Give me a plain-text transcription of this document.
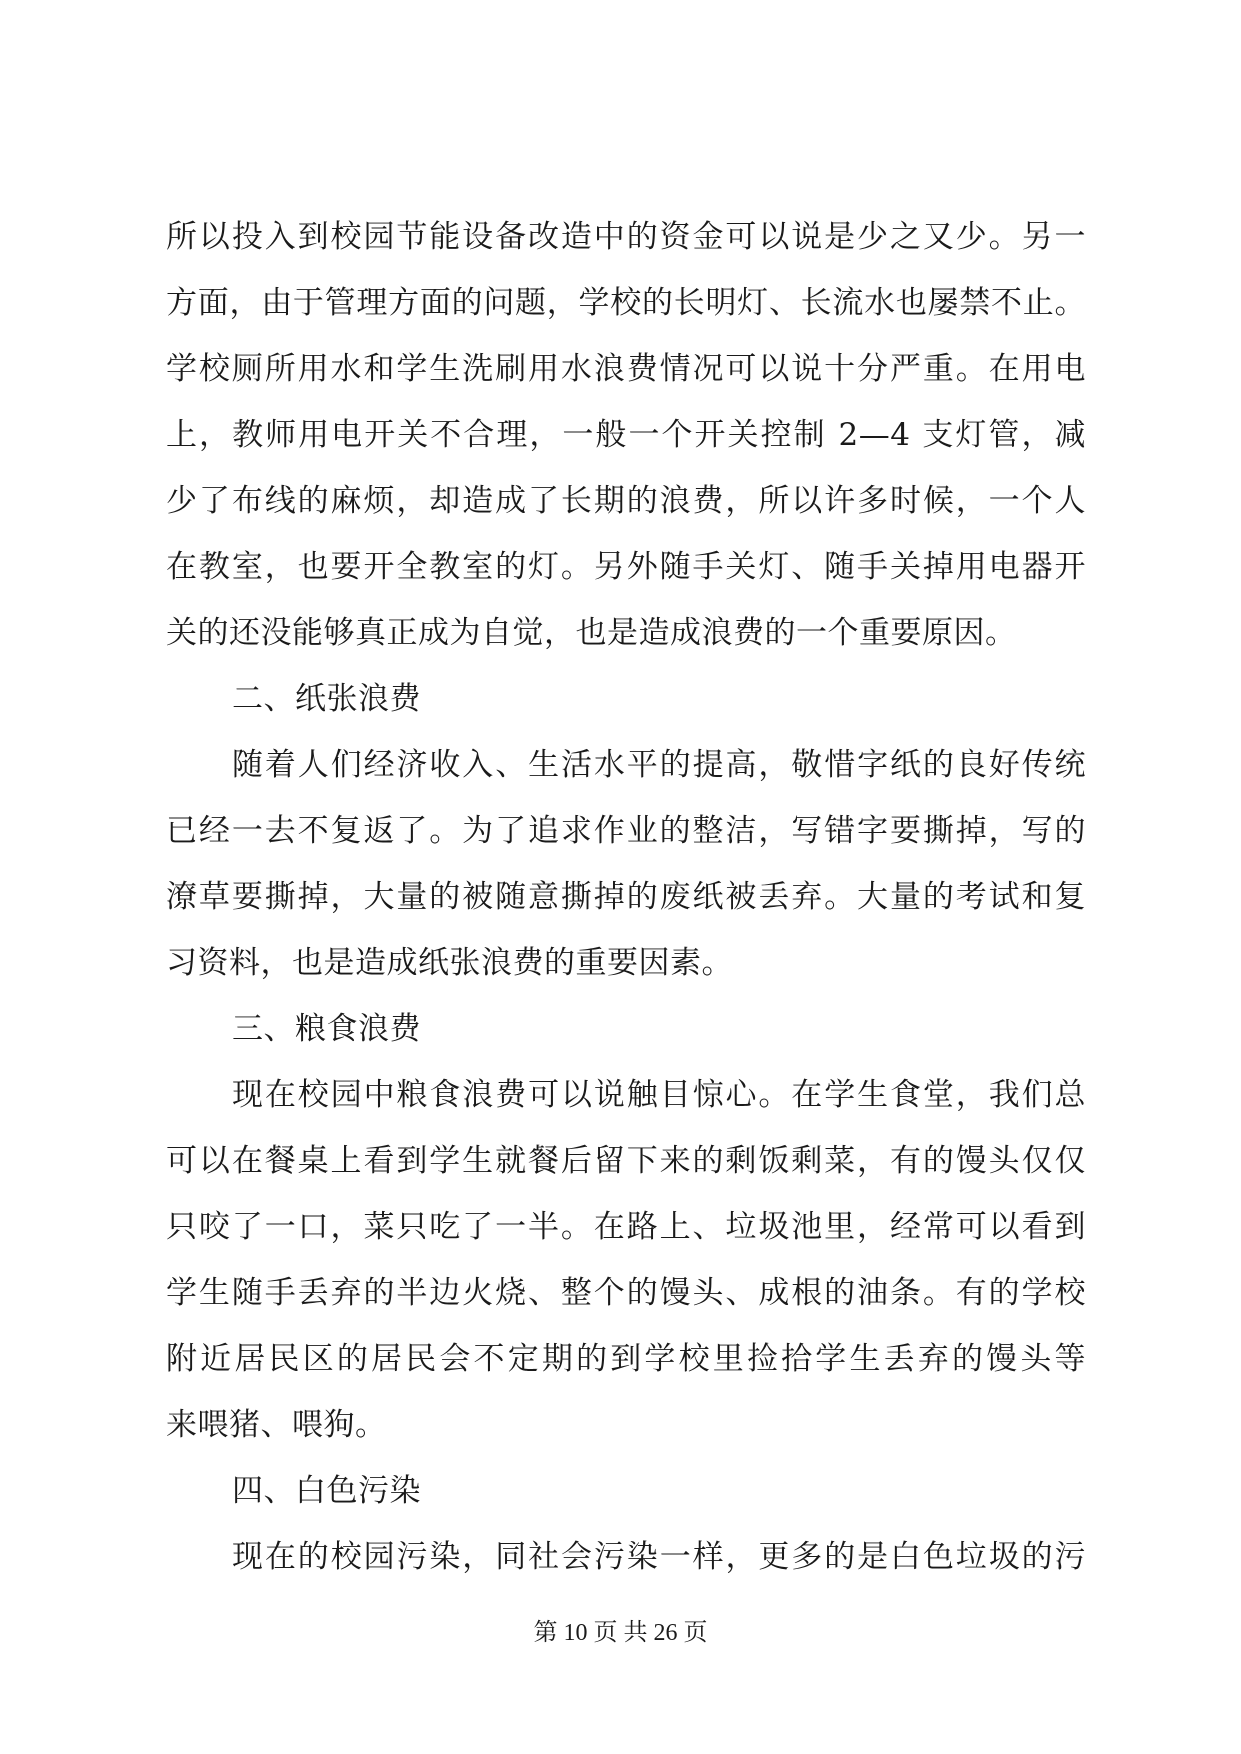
所以投入到校园节能设备改造中的资金可以说是少之又少。另一
方面，由于管理方面的问题，学校的长明灯、长流水也屡禁不止。
学校厕所用水和学生洗刷用水浪费情况可以说十分严重。在用电
上，教师用电开关不合理，一般一个开关控制 2—4 支灯管，减
少了布线的麻烦，却造成了长期的浪费，所以许多时候，一个人
在教室，也要开全教室的灯。另外随手关灯、随手关掉用电器开
关的还没能够真正成为自觉，也是造成浪费的一个重要原因。
二、纸张浪费
随着人们经济收入、生活水平的提高，敬惜字纸的良好传统
已经一去不复返了。为了追求作业的整洁，写错字要撕掉，写的
潦草要撕掉，大量的被随意撕掉的废纸被丢弃。大量的考试和复
习资料，也是造成纸张浪费的重要因素。
三、粮食浪费
现在校园中粮食浪费可以说触目惊心。在学生食堂，我们总
可以在餐桌上看到学生就餐后留下来的剩饭剩菜，有的馒头仅仅
只咬了一口，菜只吃了一半。在路上、垃圾池里，经常可以看到
学生随手丢弃的半边火烧、整个的馒头、成根的油条。有的学校
附近居民区的居民会不定期的到学校里捡拾学生丢弃的馒头等
来喂猪、喂狗。
四、白色污染
现在的校园污染，同社会污染一样，更多的是白色垃圾的污
第 10 页 共 26 页
